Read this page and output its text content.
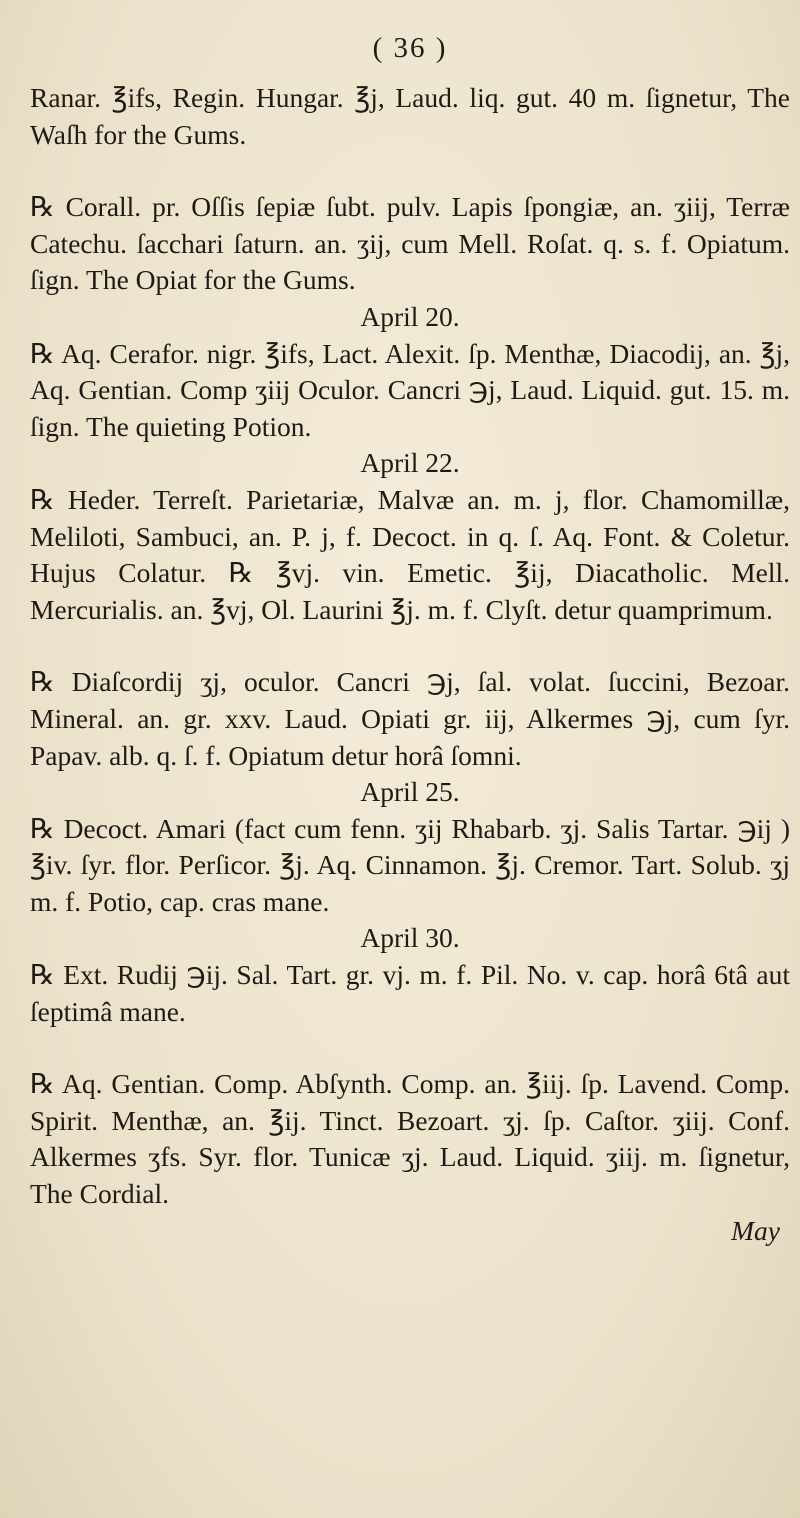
( 36 )

Ranar. ℥ifs, Regin. Hungar. ℥j, Laud. liq. gut. 40 m. ſignetur, The Waſh for the Gums.

℞ Corall. pr. Oſſis ſepiæ ſubt. pulv. Lapis ſpongiæ, an. ʒiij, Terræ Catechu. ſacchari ſaturn. an. ʒij, cum Mell. Roſat. q. s. f. Opiatum. ſign. The Opiat for the Gums.

April 20.

℞ Aq. Cerafor. nigr. ℥ifs, Lact. Alexit. ſp. Menthæ, Diacodij, an. ℥j, Aq. Gentian. Comp ʒiij Oculor. Cancri ℈j, Laud. Liquid. gut. 15. m. ſign. The quieting Potion.

April 22.

℞ Heder. Terreſt. Parietariæ, Malvæ an. m. j, flor. Chamomillæ, Meliloti, Sambuci, an. P. j, f. Decoct. in q. ſ. Aq. Font. & Coletur. Hujus Colatur. ℞ ℥vj. vin. Emetic. ℥ij, Diacatholic. Mell. Mercurialis. an. ℥vj, Ol. Laurini ℥j. m. f. Clyſt. detur quamprimum.

℞ Diaſcordij ʒj, oculor. Cancri ℈j, ſal. volat. ſuccini, Bezoar. Mineral. an. gr. xxv. Laud. Opiati gr. iij, Alkermes ℈j, cum ſyr. Papav. alb. q. ſ. f. Opiatum detur horâ ſomni.

April 25.

℞ Decoct. Amari (fact cum fenn. ʒij Rhabarb. ʒj. Salis Tartar. ℈ij ) ℥iv. ſyr. flor. Perſicor. ℥j. Aq. Cinnamon. ℥j. Cremor. Tart. Solub. ʒj m. f. Potio, cap. cras mane.

April 30.

℞ Ext. Rudij ℈ij. Sal. Tart. gr. vj. m. f. Pil. No. v. cap. horâ 6tâ aut ſeptimâ mane.

℞ Aq. Gentian. Comp. Abſynth. Comp. an. ℥iij. ſp. Lavend. Comp. Spirit. Menthæ, an. ℥ij. Tinct. Bezoart. ʒj. ſp. Caſtor. ʒiij. Conf. Alkermes ʒfs. Syr. flor. Tunicæ ʒj. Laud. Liquid. ʒiij. m. ſignetur, The Cordial.

May
